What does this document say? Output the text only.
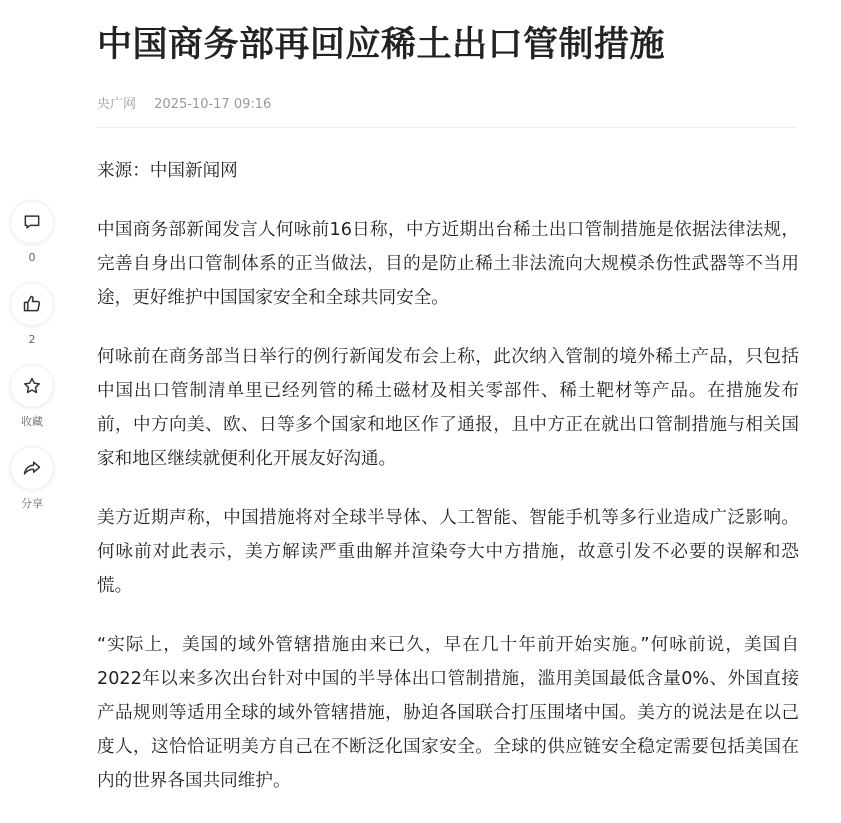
中国商务部再回应稀土出口管制措施
央广网 2025-10-17 09:16

来源：中国新闻网

中国商务部新闻发言人何咏前16日称，中方近期出台稀土出口管制措施是依据法律法规，完善自身出口管制体系的正当做法，目的是防止稀土非法流向大规模杀伤性武器等不当用途，更好维护中国国家安全和全球共同安全。

何咏前在商务部当日举行的例行新闻发布会上称，此次纳入管制的境外稀土产品，只包括中国出口管制清单里已经列管的稀土磁材及相关零部件、稀土靶材等产品。在措施发布前，中方向美、欧、日等多个国家和地区作了通报，且中方正在就出口管制措施与相关国家和地区继续就便利化开展友好沟通。

美方近期声称，中国措施将对全球半导体、人工智能、智能手机等多行业造成广泛影响。何咏前对此表示，美方解读严重曲解并渲染夸大中方措施，故意引发不必要的误解和恐慌。

“实际上，美国的域外管辖措施由来已久，早在几十年前开始实施。”何咏前说，美国自2022年以来多次出台针对中国的半导体出口管制措施，滥用美国最低含量0%、外国直接产品规则等适用全球的域外管辖措施，胁迫各国联合打压围堵中国。美方的说法是在以己度人，这恰恰证明美方自己在不断泛化国家安全。全球的供应链安全稳定需要包括美国在内的世界各国共同维护。

0
2
收藏
分享
